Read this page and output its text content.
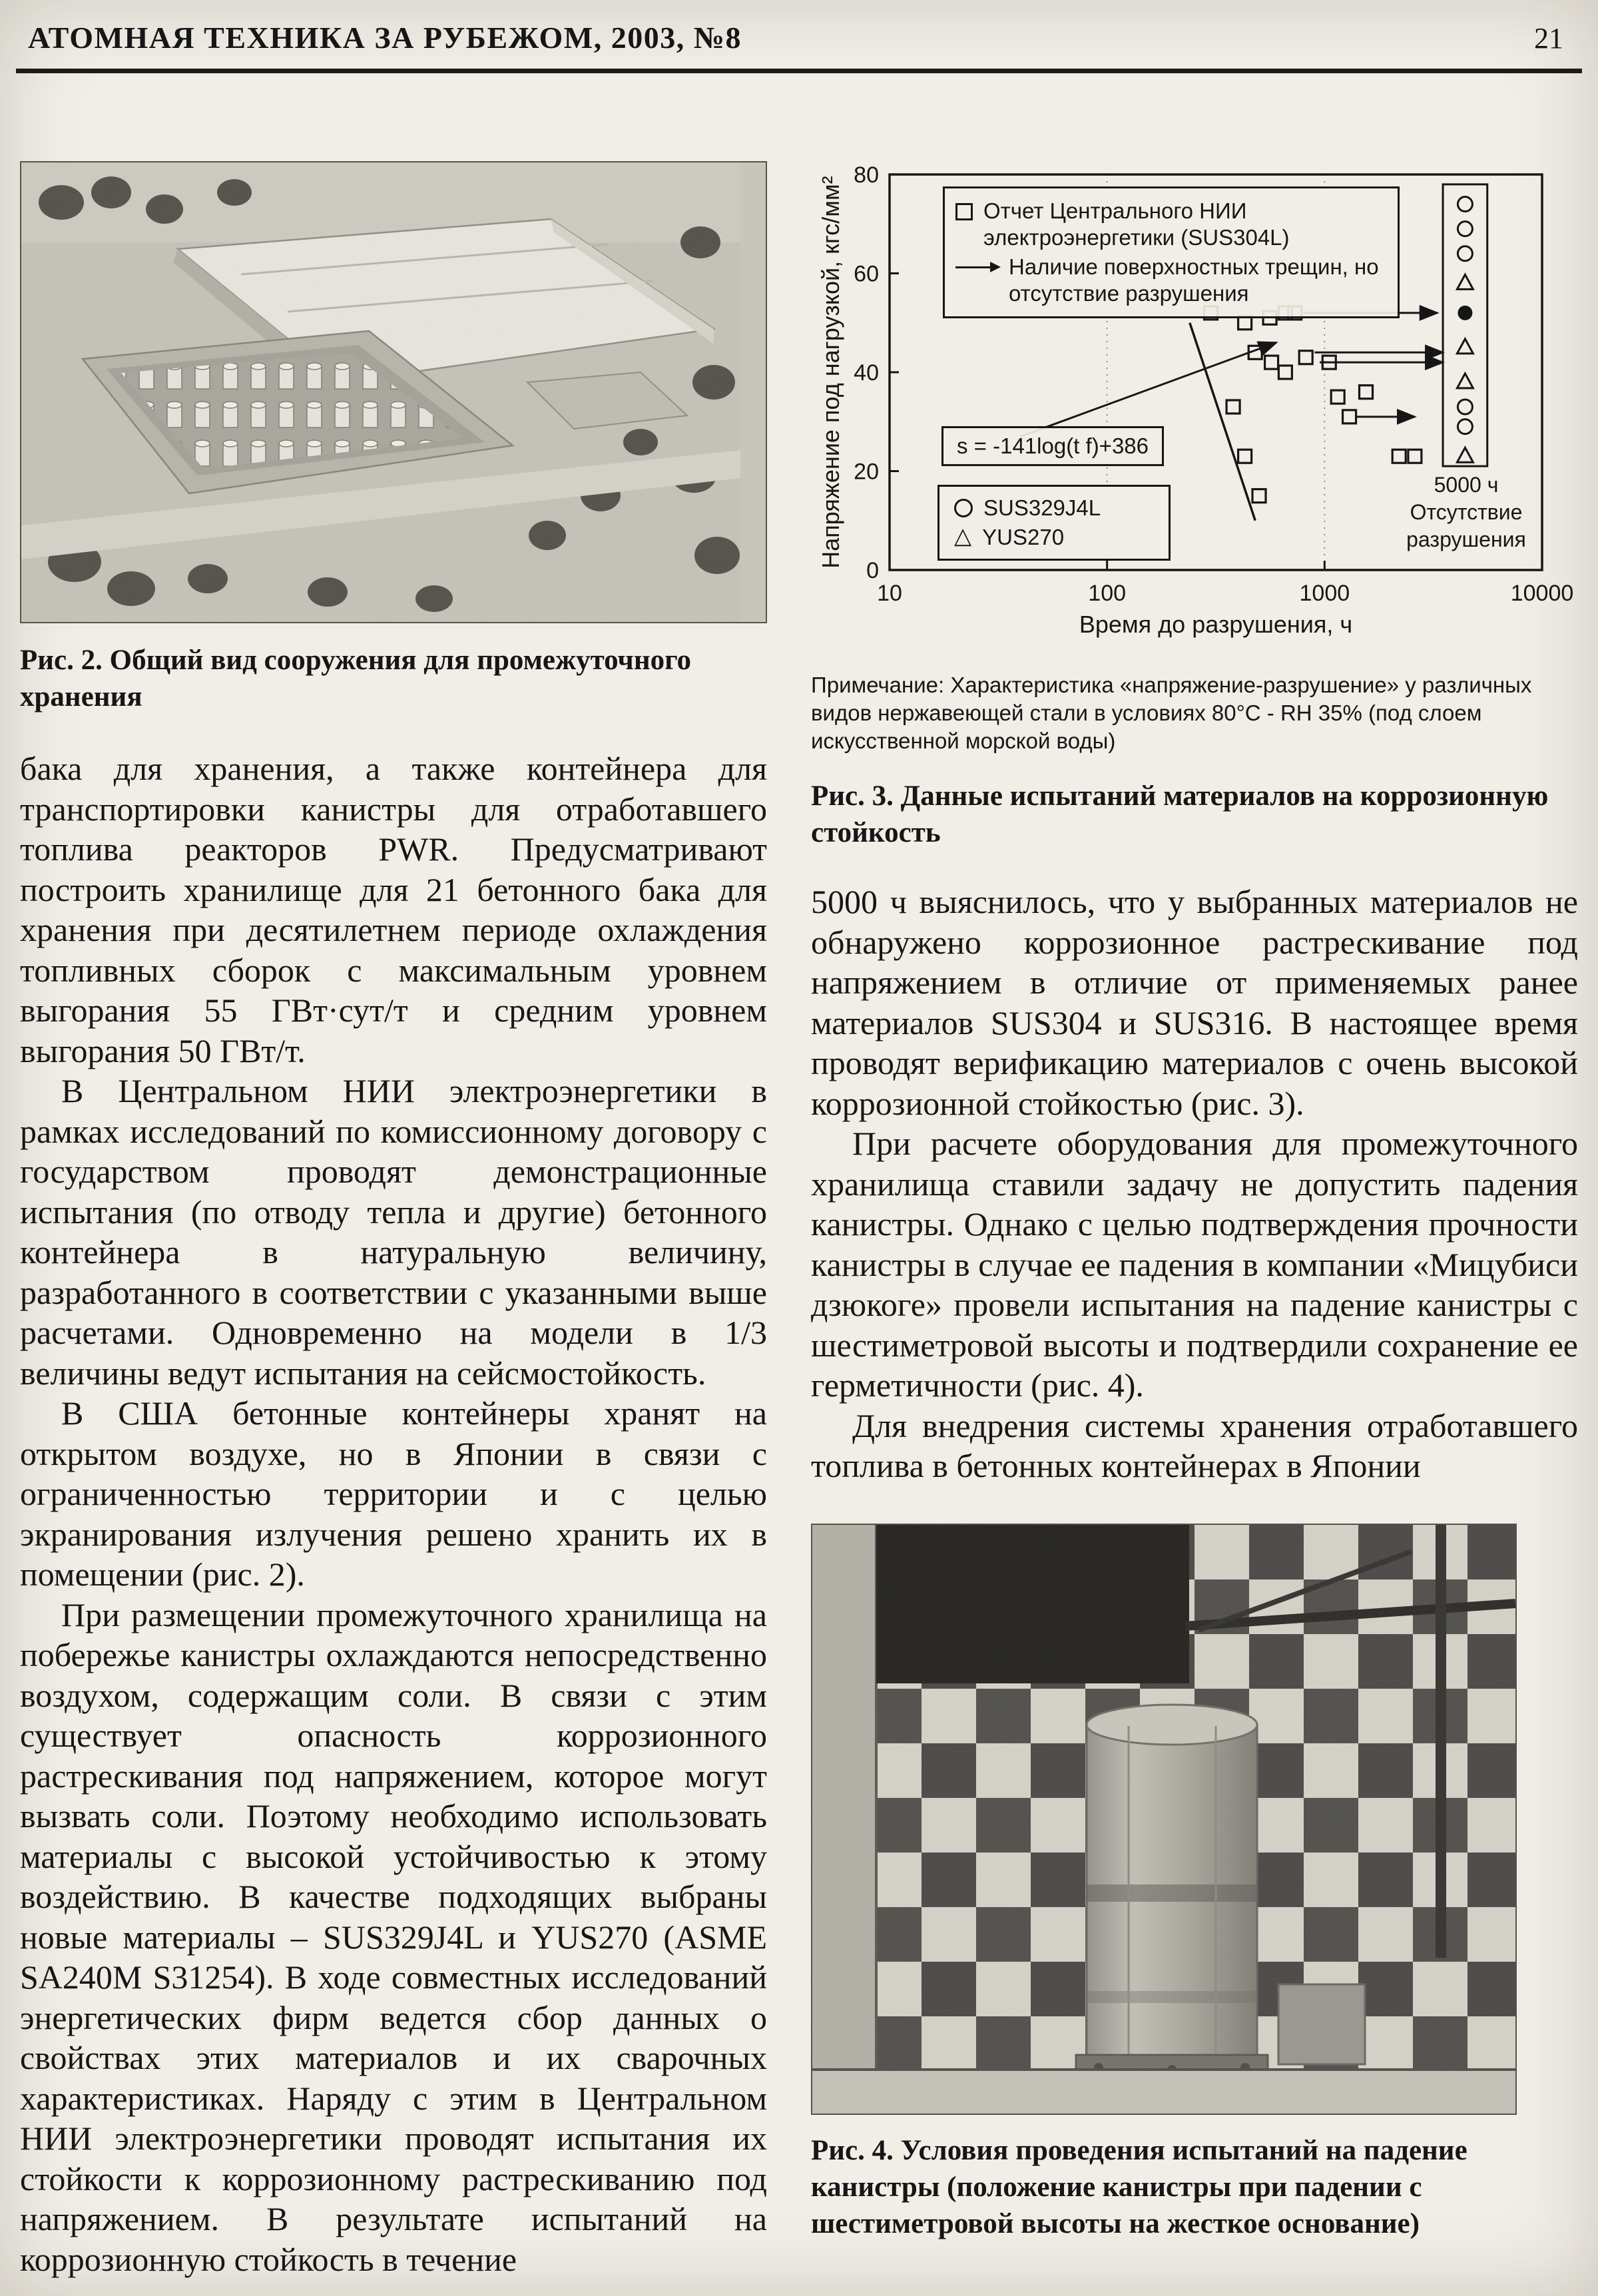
АТОМНАЯ ТЕХНИКА ЗА РУБЕЖОМ, 2003, №8	21
Рис. 2. Общий вид сооружения для промежуточного хранения

бака для хранения, а также контейнера для транспортировки канистры для отработавшего топлива реакторов PWR. Предусматривают построить хранилище для 21 бетонного бака для хранения при десятилетнем периоде охлаждения топливных сборок с максимальным уровнем выгорания 55 ГВт·сут/т и средним уровнем выгорания 50 ГВт/т.

В Центральном НИИ электроэнергетики в рамках исследований по комиссионному договору с государством проводят демонстрационные испытания (по отводу тепла и другие) бетонного контейнера в натуральную величину, разработанного в соответствии с указанными выше расчетами. Одновременно на модели в 1/3 величины ведут испытания на сейсмостойкость.

В США бетонные контейнеры хранят на открытом воздухе, но в Японии в связи с ограниченностью территории и с целью экранирования излучения решено хранить их в помещении (рис. 2).

При размещении промежуточного хранилища на побережье канистры охлаждаются непосредственно воздухом, содержащим соли. В связи с этим существует опасность коррозионного растрескивания под напряжением, которое могут вызвать соли. Поэтому необходимо использовать материалы с высокой устойчивостью к этому воздействию. В качестве подходящих выбраны новые материалы – SUS329J4L и YUS270 (ASME SA240M S31254). В ходе совместных исследований энергетических фирм ведется сбор данных о свойствах этих материалов и их сварочных характеристиках. Наряду с этим в Центральном НИИ электроэнергетики проводят испытания их стойкости к коррозионному растрескиванию под напряжением. В результате испытаний на коррозионную стойкость в течение

10	100	1000	10000
0
20
40
60
80
Время до разрушения, ч
Напряжение под нагрузкой, кгс/мм²	Отчет Центрального НИИ электроэнергетики (SUS304L)
Наличие поверхностных трещин, но отсутствие разрушения
s = -141log(t f)+386
SUS329J4L
△ YUS270
5000 ч
Отсутствие
разрушения

Примечание: Характеристика «напряжение-разрушение» у различных видов нержавеющей стали в условиях 80°С - RH 35% (под слоем искусственной морской воды)

Рис. 3. Данные испытаний материалов на коррозионную стойкость

5000 ч выяснилось, что у выбранных материалов не обнаружено коррозионное растрескивание под напряжением в отличие от применяемых ранее материалов SUS304 и SUS316. В настоящее время проводят верификацию материалов с очень высокой коррозионной стойкостью (рис. 3).

При расчете оборудования для промежуточного хранилища ставили задачу не допустить падения канистры. Однако с целью подтверждения прочности канистры в случае ее падения в компании «Мицубиси дзюкоге» провели испытания на падение канистры с шестиметровой высоты и подтвердили сохранение ее герметичности (рис. 4).

Для внедрения системы хранения отработавшего топлива в бетонных контейнерах в Японии

Рис. 4. Условия проведения испытаний на падение канистры (положение канистры при падении с шестиметровой высоты на жесткое основание)
